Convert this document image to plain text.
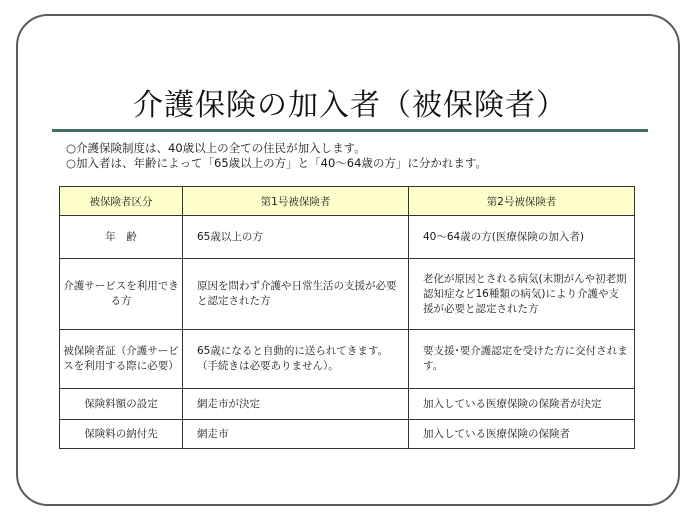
介護保険の加入者（被保険者）
○介護保険制度は、40歳以上の全ての住民が加入します。
○加入者は、年齢によって「65歳以上の方」と「40～64歳の方」に分かれます。
被保険者区分	第1号被保険者	第2号被保険者
年　齢	65歳以上の方	40～64歳の方(医療保険の加入者)
介護サービスを利用できる方	原因を問わず介護や日常生活の支援が必要と認定された方	老化が原因とされる病気(末期がんや初老期認知症など16種類の病気)により介護や支援が必要と認定された方
被保険者証（介護サービスを利用する際に必要）	65歳になると自動的に送られてきます。（手続きは必要ありません）。	要支援･要介護認定を受けた方に交付されます。
保険料額の設定	網走市が決定	加入している医療保険の保険者が決定
保険料の納付先	網走市	加入している医療保険の保険者
